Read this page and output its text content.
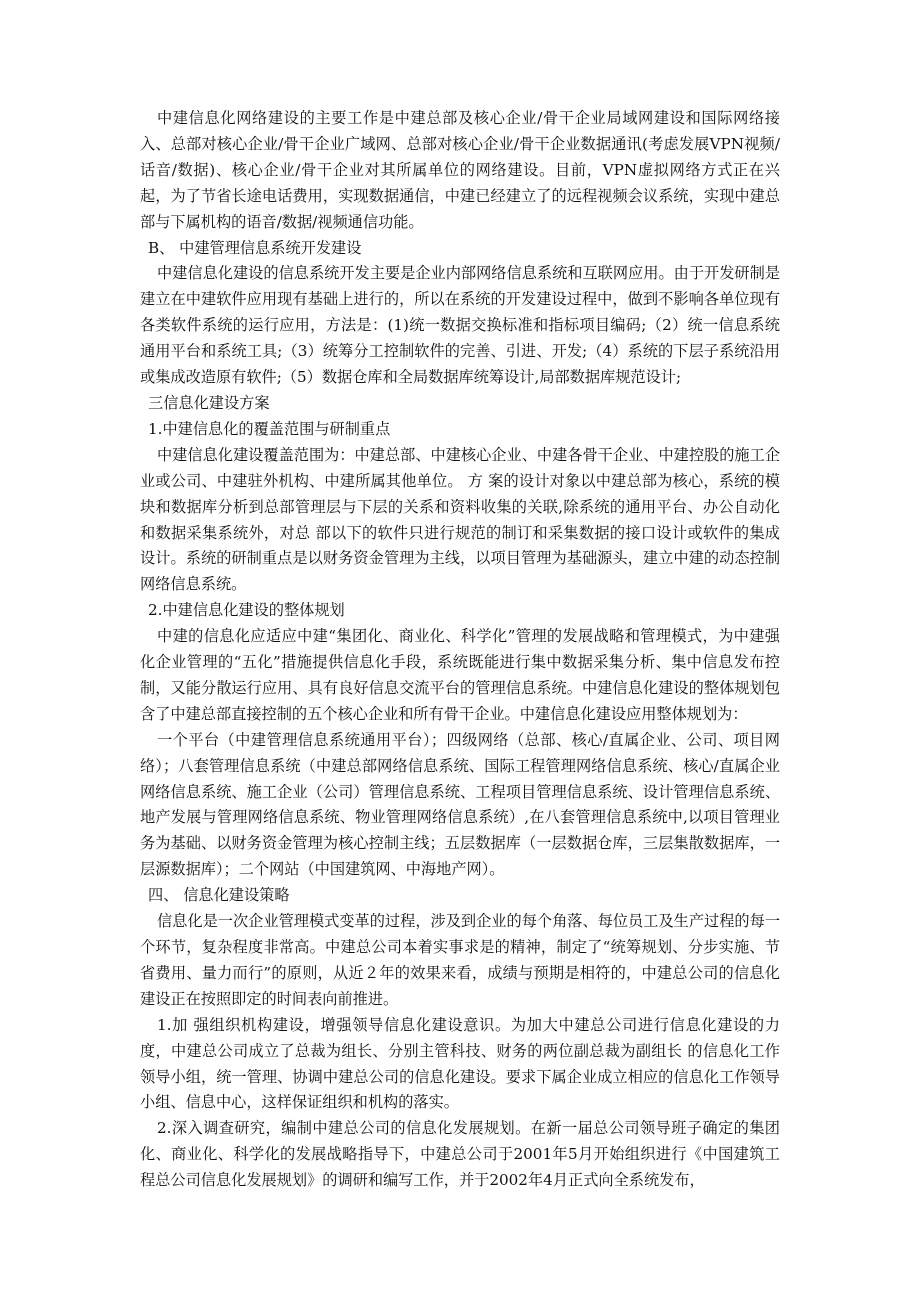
中建信息化网络建设的主要工作是中建总部及核心企业/骨干企业局域网建设和国际网络接入、总部对核心企业/骨干企业广域网、总部对核心企业/骨干企业数据通讯(考虑发展VPN视频/话音/数据)、核心企业/骨干企业对其所属单位的网络建设。目前，VPN虚拟网络方式正在兴起，为了节省长途电话费用，实现数据通信，中建已经建立了的远程视频会议系统，实现中建总部与下属机构的语音/数据/视频通信功能。

B、 中建管理信息系统开发建设

中建信息化建设的信息系统开发主要是企业内部网络信息系统和互联网应用。由于开发研制是建立在中建软件应用现有基础上进行的，所以在系统的开发建设过程中，做到不影响各单位现有各类软件系统的运行应用，方法是：(1)统一数据交换标准和指标项目编码;（2）统一信息系统通用平台和系统工具;（3）统筹分工控制软件的完善、引进、开发;（4）系统的下层子系统沿用或集成改造原有软件;（5）数据仓库和全局数据库统筹设计,局部数据库规范设计;

三信息化建设方案

1.中建信息化的覆盖范围与研制重点

中建信息化建设覆盖范围为：中建总部、中建核心企业、中建各骨干企业、中建控股的施工企业或公司、中建驻外机构、中建所属其他单位。 方 案的设计对象以中建总部为核心，系统的模块和数据库分析到总部管理层与下层的关系和资料收集的关联,除系统的通用平台、办公自动化和数据采集系统外，对总 部以下的软件只进行规范的制订和采集数据的接口设计或软件的集成设计。系统的研制重点是以财务资金管理为主线，以项目管理为基础源头，建立中建的动态控制 网络信息系统。

2.中建信息化建设的整体规划

中建的信息化应适应中建“集团化、商业化、科学化”管理的发展战略和管理模式，为中建强化企业管理的“五化”措施提供信息化手段，系统既能进行集中数据采集分析、集中信息发布控制，又能分散运行应用、具有良好信息交流平台的管理信息系统。中建信息化建设的整体规划包含了中建总部直接控制的五个核心企业和所有骨干企业。中建信息化建设应用整体规划为：

一个平台（中建管理信息系统通用平台）；四级网络（总部、核心/直属企业、公司、项目网络）；八套管理信息系统（中建总部网络信息系统、国际工程管理网络信息系统、核心/直属企业网络信息系统、施工企业（公司）管理信息系统、工程项目管理信息系统、设计管理信息系统、地产发展与管理网络信息系统、物业管理网络信息系统）,在八套管理信息系统中,以项目管理业务为基础、以财务资金管理为核心控制主线；五层数据库（一层数据仓库，三层集散数据库，一层源数据库）；二个网站（中国建筑网、中海地产网）。

四、 信息化建设策略

信息化是一次企业管理模式变革的过程，涉及到企业的每个角落、每位员工及生产过程的每一个环节，复杂程度非常高。中建总公司本着实事求是的精神，制定了“统筹规划、分步实施、节省费用、量力而行”的原则，从近２年的效果来看，成绩与预期是相符的，中建总公司的信息化建设正在按照即定的时间表向前推进。

1.加 强组织机构建设，增强领导信息化建设意识。为加大中建总公司进行信息化建设的力度，中建总公司成立了总裁为组长、分别主管科技、财务的两位副总裁为副组长 的信息化工作领导小组，统一管理、协调中建总公司的信息化建设。要求下属企业成立相应的信息化工作领导小组、信息中心，这样保证组织和机构的落实。

2.深入调查研究，编制中建总公司的信息化发展规划。在新一届总公司领导班子确定的集团化、商业化、科学化的发展战略指导下，中建总公司于2001年5月开始组织进行《中国建筑工程总公司信息化发展规划》的调研和编写工作，并于2002年4月正式向全系统发布，
